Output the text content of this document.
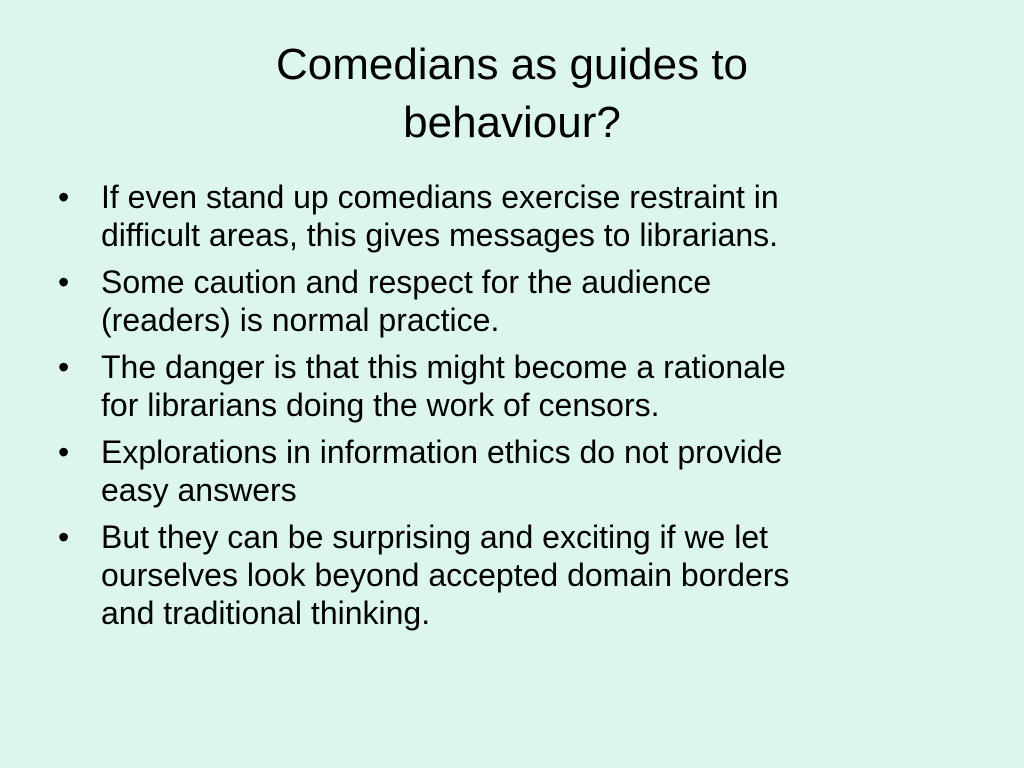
Comedians as guides to
behaviour?
• If even stand up comedians exercise restraint in
difficult areas, this gives messages to librarians.
• Some caution and respect for the audience
(readers) is normal practice.
• The danger is that this might become a rationale
for librarians doing the work of censors.
• Explorations in information ethics do not provide
easy answers
• But they can be surprising and exciting if we let
ourselves look beyond accepted domain borders
and traditional thinking.
